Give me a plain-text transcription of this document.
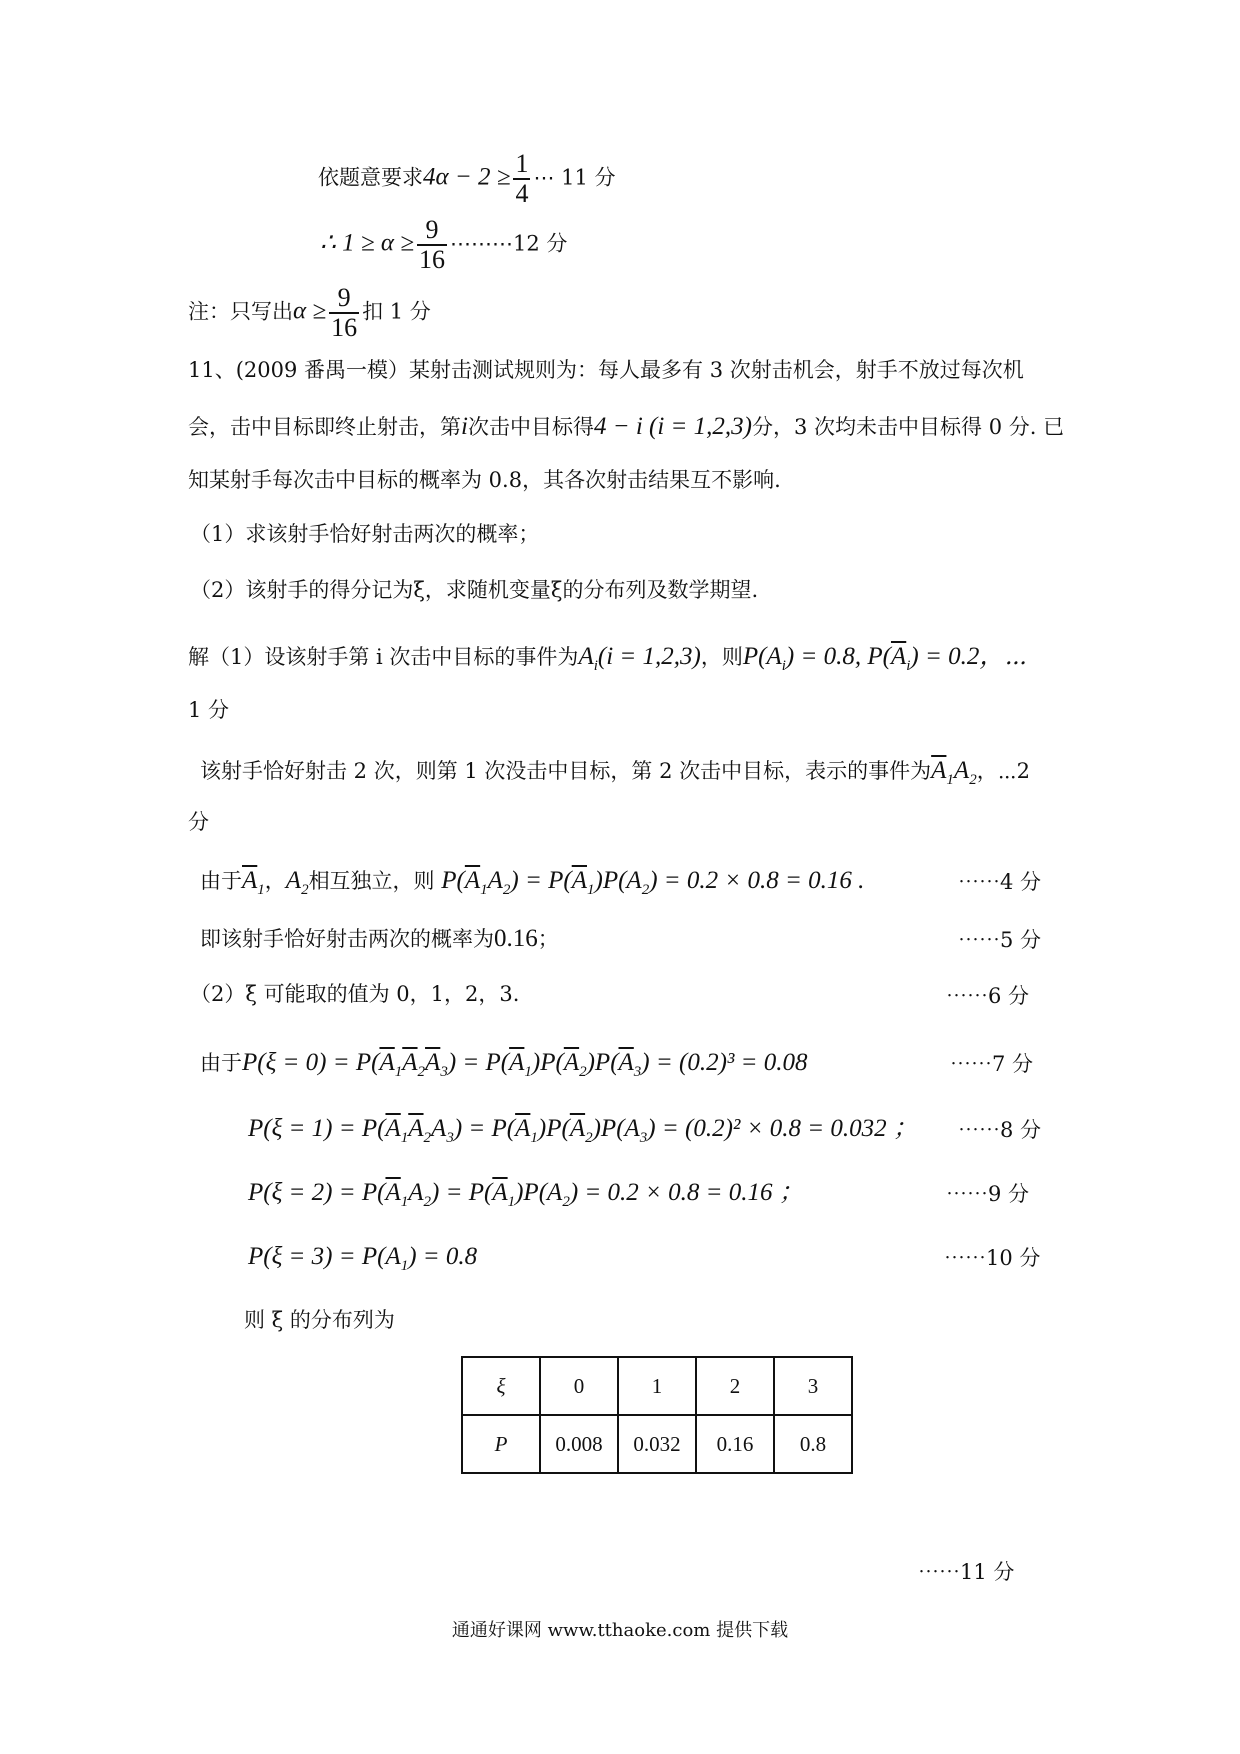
依题意要求$4\alpha - 2 \ge \frac{1}{4}$ ⋯ 11 分
∴ $1 \ge \alpha \ge \frac{9}{16}$ ⋯⋯⋯12 分
注：只写出$\alpha \ge \frac{9}{16}$ 扣 1 分
11、(2009 番禺一模）某射击测试规则为：每人最多有 3 次射击机会，射手不放过每次机
会，击中目标即终止射击，第i次击中目标得4 − i (i = 1,2,3)分，3 次均未击中目标得 0 分. 已
知某射手每次击中目标的概率为 0.8，其各次射击结果互不影响.
（1）求该射手恰好射击两次的概率；
（2）该射手的得分记为ξ，求随机变量ξ的分布列及数学期望.
解（1）设该射手第 i 次击中目标的事件为$A_i(i = 1,2,3)$，则$P(A_i) = 0.8$, $P(\overline{A}_i) = 0.2$，⋯
1 分
该射手恰好射击 2 次，则第 1 次没击中目标，第 2 次击中目标，表示的事件为$\overline{A}_1A_2$，⋯2
分
由于$\overline{A}_1$，$A_2$相互独立，则 $P(\overline{A}_1A_2) = P(\overline{A}_1)P(A_2) = 0.2 \times 0.8 = 0.16$ .	⋯⋯4 分
即该射手恰好射击两次的概率为0.16；	⋯⋯5 分
（2）ξ 可能取的值为 0，1，2，3.	⋯⋯6 分
由于$P(\xi = 0) = P(\overline{A}_1\overline{A}_2\overline{A}_3) = P(\overline{A}_1)P(\overline{A}_2)P(\overline{A}_3) = (0.2)^3 = 0.08$	⋯⋯7 分
$P(\xi = 1) = P(\overline{A}_1\overline{A}_2A_3) = P(\overline{A}_1)P(\overline{A}_2)P(A_3) = (0.2)^2 \times 0.8 = 0.032$ ； ⋯⋯8 分
$P(\xi = 2) = P(\overline{A}_1A_2) = P(\overline{A}_1)P(A_2) = 0.2 \times 0.8 = 0.16$ ；	⋯⋯9 分
$P(\xi = 3) = P(A_1) = 0.8$	⋯⋯10 分
则 ξ 的分布列为
ξ	0	1	2	3
P	0.008	0.032	0.16	0.8
⋯⋯11 分
通通好课网 www.tthaoke.com 提供下载
